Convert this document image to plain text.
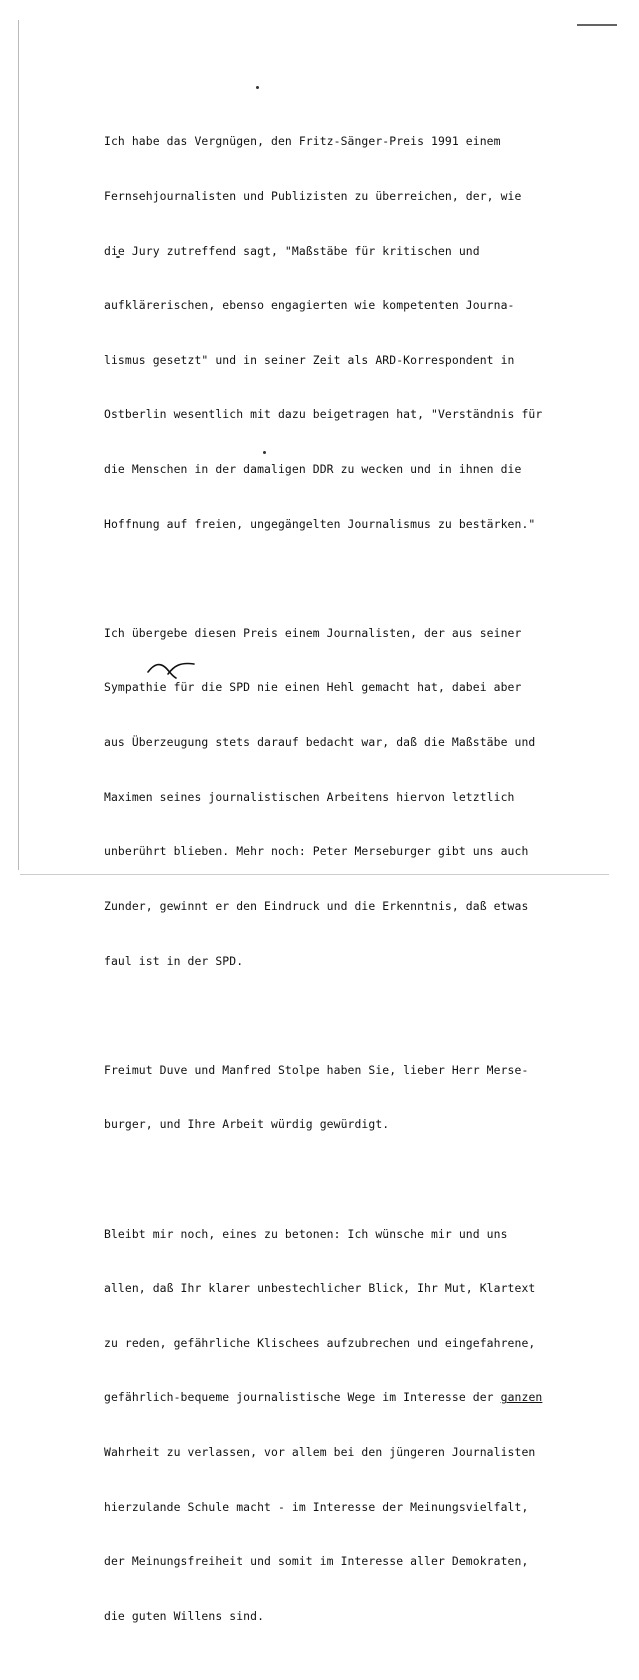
Ich habe das Vergnügen, den Fritz-Sänger-Preis 1991 einem

Fernsehjournalisten und Publizisten zu überreichen, der, wie

die Jury zutreffend sagt, "Maßstäbe für kritischen und

aufklärerischen, ebenso engagierten wie kompetenten Journa-

lismus gesetzt" und in seiner Zeit als ARD-Korrespondent in

Ostberlin wesentlich mit dazu beigetragen hat, "Verständnis für

die Menschen in der damaligen DDR zu wecken und in ihnen die

Hoffnung auf freien, ungegängelten Journalismus zu bestärken."

Ich übergebe diesen Preis einem Journalisten, der aus seiner

Sympathie für die SPD nie einen Hehl gemacht hat, dabei aber

aus Überzeugung stets darauf bedacht war, daß die Maßstäbe und

Maximen seines journalistischen Arbeitens hiervon letztlich

unberührt blieben. Mehr noch: Peter Merseburger gibt uns auch

Zunder, gewinnt er den Eindruck und die Erkenntnis, daß etwas

faul ist in der SPD.

Freimut Duve und Manfred Stolpe haben Sie, lieber Herr Merse-

burger, und Ihre Arbeit würdig gewürdigt.

Bleibt mir noch, eines zu betonen: Ich wünsche mir und uns

allen, daß Ihr klarer unbestechlicher Blick, Ihr Mut, Klartext

zu reden, gefährliche Klischees aufzubrechen und eingefahrene,

gefährlich-bequeme journalistische Wege im Interesse der ganzen

Wahrheit zu verlassen, vor allem bei den jüngeren Journalisten

hierzulande Schule macht - im Interesse der Meinungsvielfalt,

der Meinungsfreiheit und somit im Interesse aller Demokraten,

die guten Willens sind.
